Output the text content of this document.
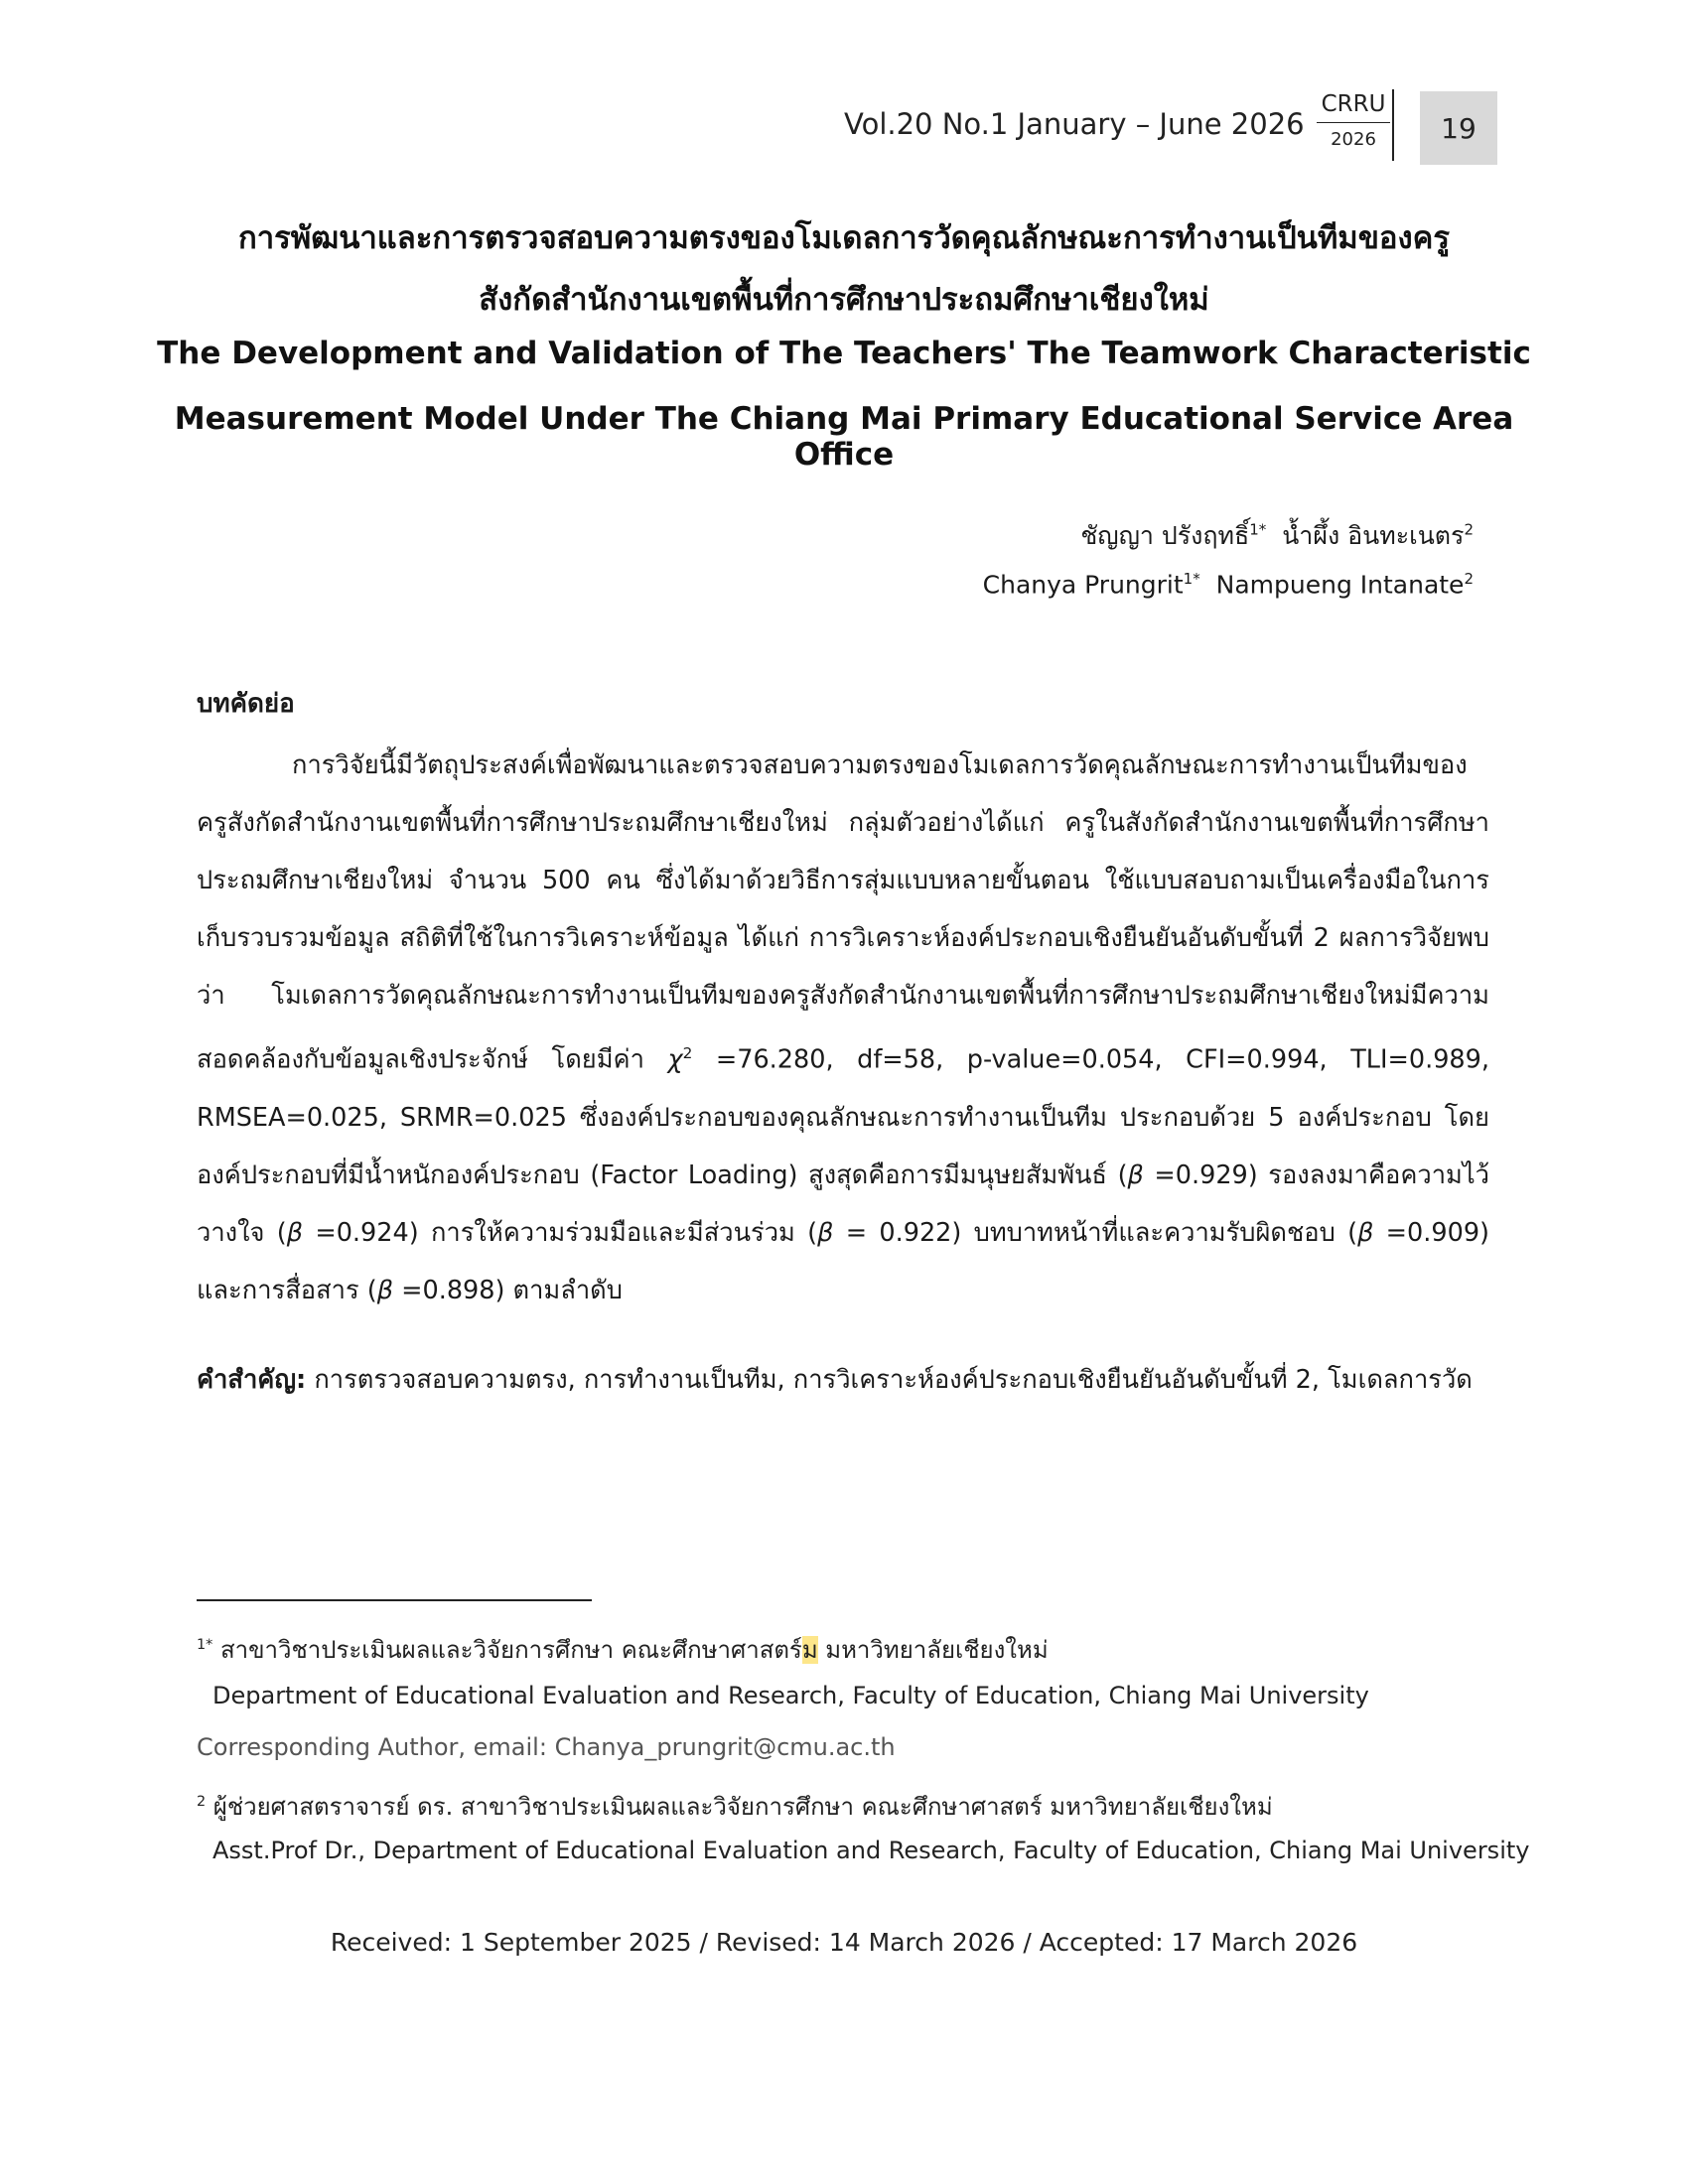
Vol.20 No.1 January – June 2026
CRRU
2026	19
การพัฒนาและการตรวจสอบความตรงของโมเดลการวัดคุณลักษณะการทำงานเป็นทีมของครู
สังกัดสำนักงานเขตพื้นที่การศึกษาประถมศึกษาเชียงใหม่
The Development and Validation of The Teachers' The Teamwork Characteristic
Measurement Model Under The Chiang Mai Primary Educational Service Area Office
ชัญญา ปรังฤทธิ์$^{1*}$ น้ำผึ้ง อินทะเนตร$^2$
Chanya Prungrit$^{1*}$ Nampueng Intanate$^2$
บทคัดย่อ
การวิจัยนี้มีวัตถุประสงค์เพื่อพัฒนาและตรวจสอบความตรงของโมเดลการวัดคุณลักษณะการทำงานเป็นทีมของครูสังกัดสำนักงานเขตพื้นที่การศึกษาประถมศึกษาเชียงใหม่ กลุ่มตัวอย่างได้แก่ ครูในสังกัดสำนักงานเขตพื้นที่การศึกษาประถมศึกษาเชียงใหม่ จำนวน 500 คน ซึ่งได้มาด้วยวิธีการสุ่มแบบหลายขั้นตอน ใช้แบบสอบถามเป็นเครื่องมือในการเก็บรวบรวมข้อมูล สถิติที่ใช้ในการวิเคราะห์ข้อมูล ได้แก่ การวิเคราะห์องค์ประกอบเชิงยืนยันอันดับขั้นที่ 2 ผลการวิจัยพบว่า โมเดลการวัดคุณลักษณะการทำงานเป็นทีมของครูสังกัดสำนักงานเขตพื้นที่การศึกษาประถมศึกษาเชียงใหม่มีความสอดคล้องกับข้อมูลเชิงประจักษ์ โดยมีค่า $\chi^2 =76.280$, df=58, p-value=0.054, CFI=0.994, TLI=0.989, RMSEA=0.025, SRMR=0.025 ซึ่งองค์ประกอบของคุณลักษณะการทำงานเป็นทีม ประกอบด้วย 5 องค์ประกอบ โดยองค์ประกอบที่มีน้ำหนักองค์ประกอบ (Factor Loading) สูงสุดคือการมีมนุษยสัมพันธ์ (β =0.929) รองลงมาคือความไว้วางใจ (β =0.924) การให้ความร่วมมือและมีส่วนร่วม (β = 0.922) บทบาทหน้าที่และความรับผิดชอบ (β =0.909) และการสื่อสาร (β =0.898) ตามลำดับ
คำสำคัญ: การตรวจสอบความตรง, การทำงานเป็นทีม, การวิเคราะห์องค์ประกอบเชิงยืนยันอันดับขั้นที่ 2, โมเดลการวัด
$^{1*}$ สาขาวิชาประเมินผลและวิจัยการศึกษา คณะศึกษาศาสตร์ม มหาวิทยาลัยเชียงใหม่
Department of Educational Evaluation and Research, Faculty of Education, Chiang Mai University
Corresponding Author, email: Chanya_prungrit@cmu.ac.th
$^2$ ผู้ช่วยศาสตราจารย์ ดร. สาขาวิชาประเมินผลและวิจัยการศึกษา คณะศึกษาศาสตร์ มหาวิทยาลัยเชียงใหม่
Asst.Prof Dr., Department of Educational Evaluation and Research, Faculty of Education, Chiang Mai University
Received: 1 September 2025 / Revised: 14 March 2026 / Accepted: 17 March 2026
